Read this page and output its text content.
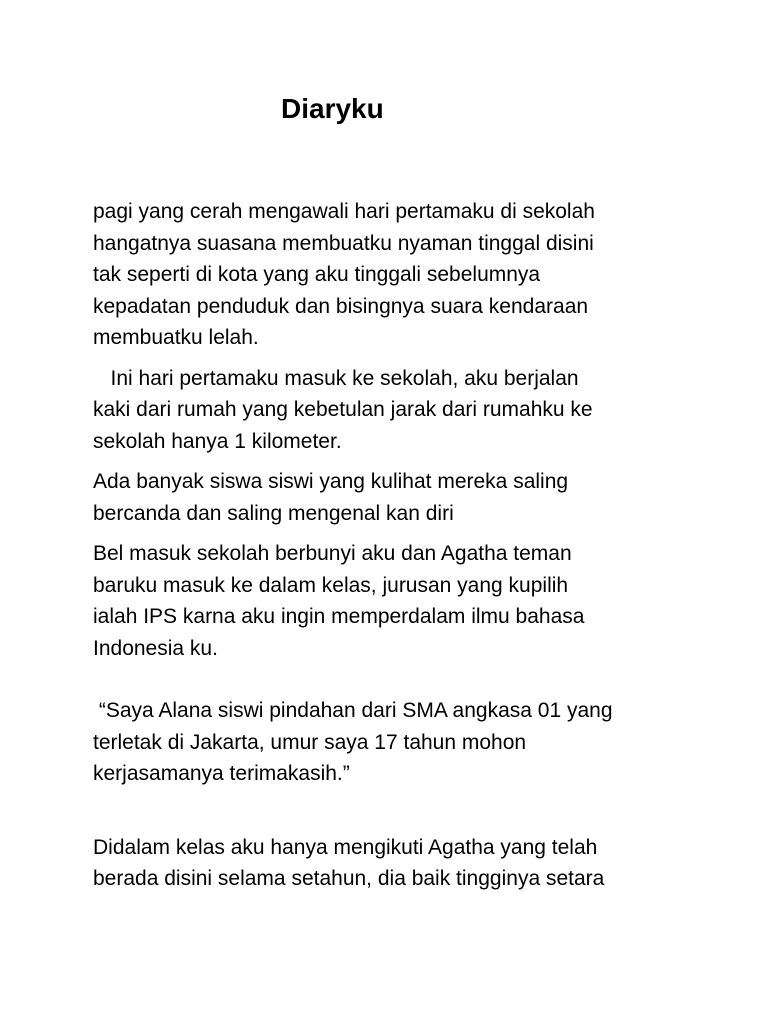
Diaryku

pagi yang cerah mengawali hari pertamaku di sekolah
hangatnya suasana membuatku nyaman tinggal disini
tak seperti di kota yang aku tinggali sebelumnya
kepadatan penduduk dan bisingnya suara kendaraan
membuatku lelah.

Ini hari pertamaku masuk ke sekolah, aku berjalan
kaki dari rumah yang kebetulan jarak dari rumahku ke
sekolah hanya 1 kilometer.

Ada banyak siswa siswi yang kulihat mereka saling
bercanda dan saling mengenal kan diri

Bel masuk sekolah berbunyi aku dan Agatha teman
baruku masuk ke dalam kelas, jurusan yang kupilih
ialah IPS karna aku ingin memperdalam ilmu bahasa
Indonesia ku.

“Saya Alana siswi pindahan dari SMA angkasa 01 yang
terletak di Jakarta, umur saya 17 tahun mohon
kerjasamanya terimakasih.”

Didalam kelas aku hanya mengikuti Agatha yang telah
berada disini selama setahun, dia baik tingginya setara
